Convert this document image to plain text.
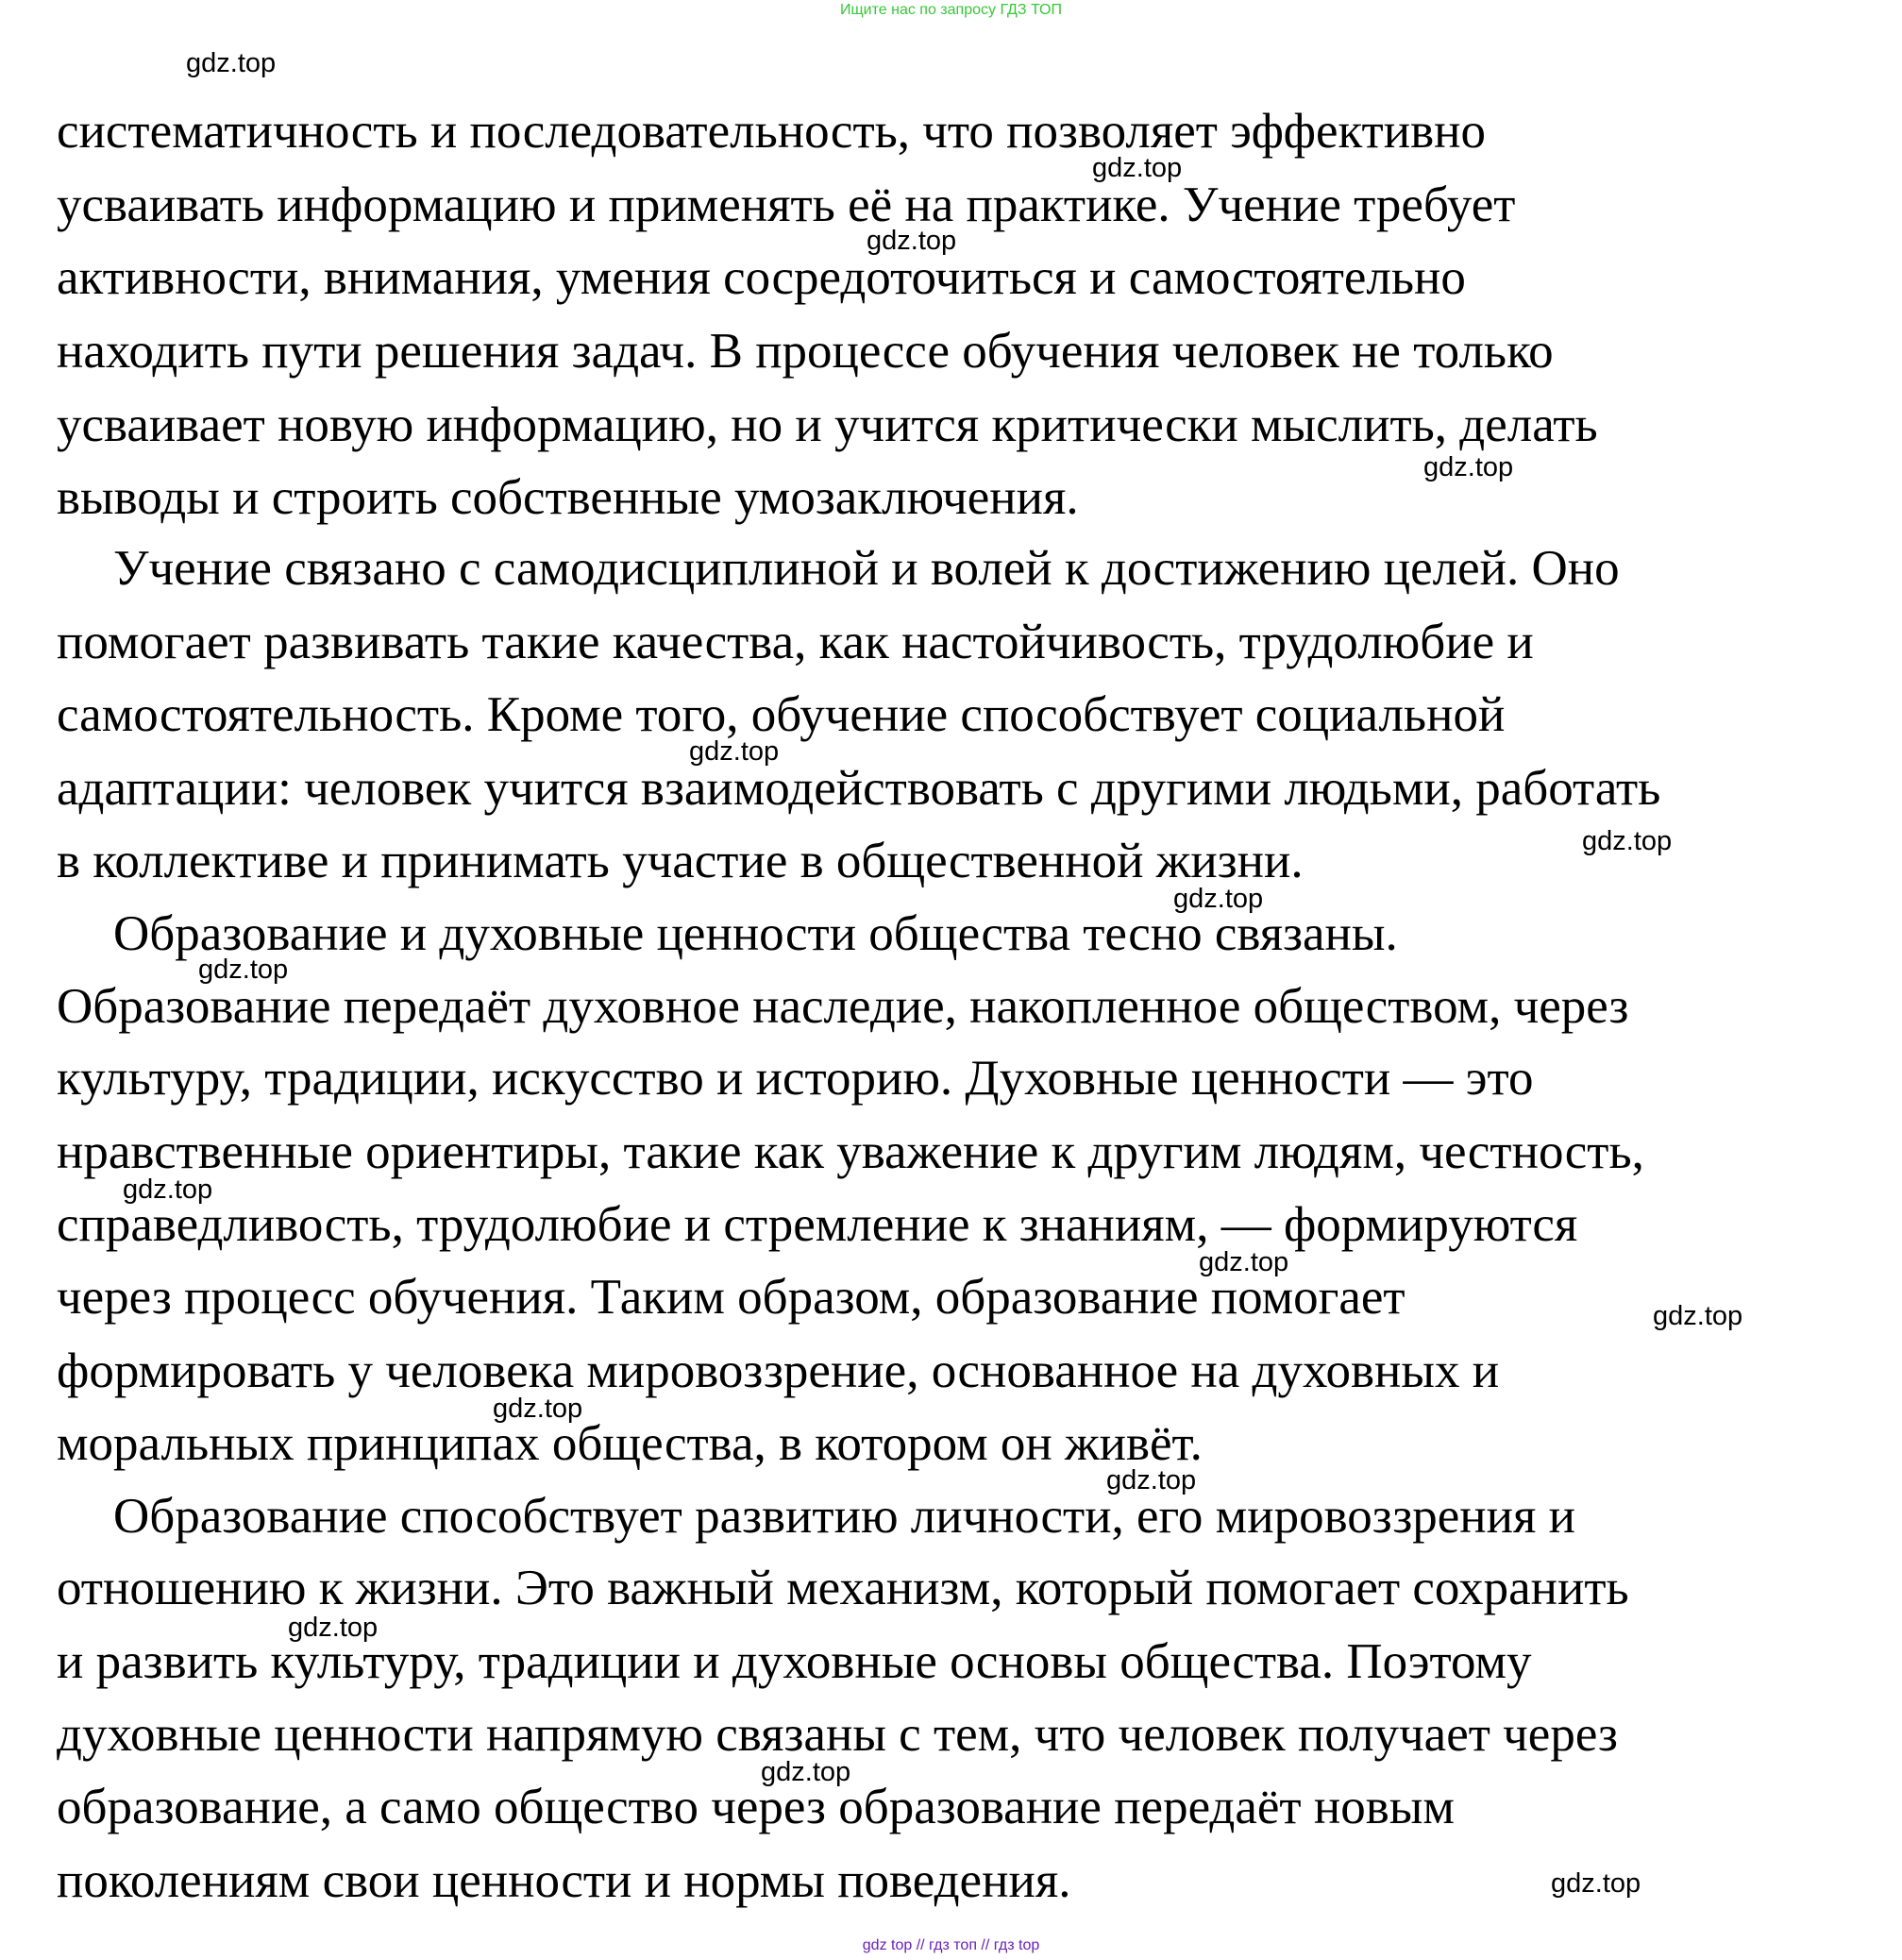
Ищите нас по запросу ГДЗ ТОП
систематичность и последовательность, что позволяет эффективно
усваивать информацию и применять её на практике. Учение требует
активности, внимания, умения сосредоточиться и самостоятельно
находить пути решения задач. В процессе обучения человек не только
усваивает новую информацию, но и учится критически мыслить, делать
выводы и строить собственные умозаключения.
Учение связано с самодисциплиной и волей к достижению целей. Оно
помогает развивать такие качества, как настойчивость, трудолюбие и
самостоятельность. Кроме того, обучение способствует социальной
адаптации: человек учится взаимодействовать с другими людьми, работать
в коллективе и принимать участие в общественной жизни.
Образование и духовные ценности общества тесно связаны.
Образование передаёт духовное наследие, накопленное обществом, через
культуру, традиции, искусство и историю. Духовные ценности — это
нравственные ориентиры, такие как уважение к другим людям, честность,
справедливость, трудолюбие и стремление к знаниям, — формируются
через процесс обучения. Таким образом, образование помогает
формировать у человека мировоззрение, основанное на духовных и
моральных принципах общества, в котором он живёт.
Образование способствует развитию личности, его мировоззрения и
отношению к жизни. Это важный механизм, который помогает сохранить
и развить культуру, традиции и духовные основы общества. Поэтому
духовные ценности напрямую связаны с тем, что человек получает через
образование, а само общество через образование передаёт новым
поколениям свои ценности и нормы поведения.
gdz.top
gdz.top
gdz.top
gdz.top
gdz.top
gdz.top
gdz.top
gdz.top
gdz.top
gdz.top
gdz.top
gdz.top
gdz.top
gdz.top
gdz.top
gdz.top
gdz top // гдз топ // гдз top
